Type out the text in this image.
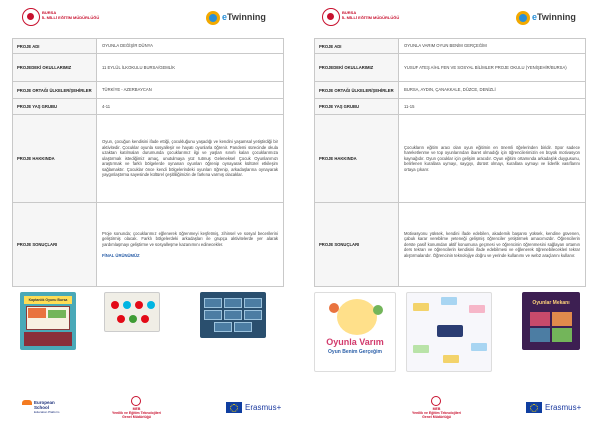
BURSA
İL MİLLİ EĞİTİM MÜDÜRLÜĞÜ	eTwinning
PROJE ADI	OYUNLA DEĞİŞİR DÜNYA
PROJEDEKİ OKULLARIMIZ	11 EYLÜL İLKOKULU BURSA/GEMLİK
PROJE ORTAĞI ÜLKELER/ŞEHİRLER	TÜRKİYE - AZERBAYCAN
PROJE YAŞ GRUBU	4-11
PROJE HAKKINDA	Oyun, çocuğun kendisini ifade ettiği, çocukluğunu yaşadığı ve kendini yaşamsal yetiştirdiği bir aktivitedir. Çocuklar oyunla sosyalleşir ve hayatı oyunlarla öğrenir. Pandemi sürecinde okula uzaktan katılmaları durumunda çocuklarımız ilgi ve yaşları sınırlı kalan çocuklarımıza ulaştırmak istediğimiz amaç, unutulmaya yüz tutmuş Geleneksel Çocuk Oyunlarımızı araştırmak ve farklı bölgelerde oynanan oyunları öğrenip oynayarak kültürel etkileşim sağlamaktır. Çocuklar önce kendi bölgelerindeki oyunları öğrenip, arkadaşlarına oynayarak yaygınlaştırma sayesinde kültürel çeşitliliğimizin de farkına varmış olacaklar.
PROJE SONUÇLARI	Proje sonunda; çocuklarımız eğlenerek öğrenmeyi keşfetmiş, zihinsel ve sosyal becerilerini geliştirmiş olacak. Farklı bölgelerdeki arkadaşları ile grupça aktivitelerde yer alarak yardımlaşmayı geliştirme ve sosyalleşme kazanımını edinecekler.
FİNAL ÜRÜNÜMÜZ
Kaptanlık Oyunu Bursa
European
School
Education Platform
MEB
Yenilik ve Eğitim Teknolojileri
Genel Müdürlüğü
Erasmus+
BURSA
İL MİLLİ EĞİTİM MÜDÜRLÜĞÜ	eTwinning
PROJE ADI	OYUNLA VARIM OYUN BENİM GERÇEĞİM
PROJEDEKİ OKULLARIMIZ	YUSUF ATEŞ AİHL FEN VE SOSYAL BİLİMLER PROJE OKULU (YENİŞEHİR/BURSA)
PROJE ORTAĞI ÜLKELER/ŞEHİRLER	BURSA, AYDIN, ÇANAKKALE, DÜZCE, DENİZLİ
PROJE YAŞ GRUBU	11-15
PROJE HAKKINDA	Çocukların eğitim aracı olan oyun eğitimin en önemli öğelerinden biridir. Spor sadece hareketlenme ve top oyunlarından ibaret olmadığı için öğrencilerimizin en büyük motivasyon kaynağıdır. Oyun çocuklar için gelişim aracıdır. Oyun eğitim ortamında arkadaşlık duygusunu, belirlenen kurallara uymayı, saygıyı, dürüst olmayı, kurallara uymayı ve liderlik vasıflarını ortaya çıkarır.
PROJE SONUÇLARI	Motivasyonu yüksek, kendini ifade edebilen, akademik başarısı yüksek, kendine güvenen, çabuk karar verebilme yeteneği gelişmiş öğrenciler yetiştirmek amacımızdır. Öğrencilerin derste pasif konumdan aktif konumuna geçmesi ve öğrencinin öğrenmesini sağlayan ortamın ders tekrarı ve öğrencilerin kendisini ifade edebilmesi ve eğlenerek öğrenebilecekleri tekrar alıştırmalarıdır. Öğrencinin teknolojiye doğru ve yerinde kullanımı ve web2 araçlarını kullanır.
Oyunla Varım
Oyun Benim Gerçeğim
Oyunlar Mekanı
MEB
Yenilik ve Eğitim Teknolojileri
Genel Müdürlüğü
Erasmus+
